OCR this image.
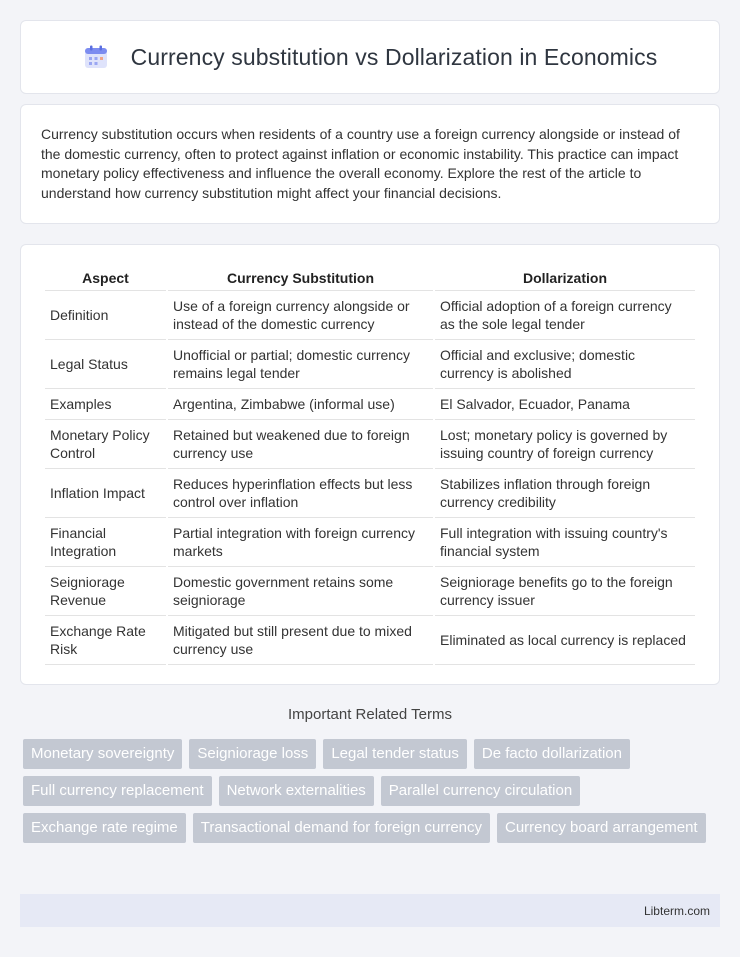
Currency substitution vs Dollarization in Economics

Currency substitution occurs when residents of a country use a foreign currency alongside or instead of the domestic currency, often to protect against inflation or economic instability. This practice can impact monetary policy effectiveness and influence the overall economy. Explore the rest of the article to understand how currency substitution might affect your financial decisions.

Aspect	Currency Substitution	Dollarization
Definition	Use of a foreign currency alongside or instead of the domestic currency	Official adoption of a foreign currency as the sole legal tender
Legal Status	Unofficial or partial; domestic currency remains legal tender	Official and exclusive; domestic currency is abolished
Examples	Argentina, Zimbabwe (informal use)	El Salvador, Ecuador, Panama
Monetary Policy Control	Retained but weakened due to foreign currency use	Lost; monetary policy is governed by issuing country of foreign currency
Inflation Impact	Reduces hyperinflation effects but less control over inflation	Stabilizes inflation through foreign currency credibility
Financial Integration	Partial integration with foreign currency markets	Full integration with issuing country's financial system
Seigniorage Revenue	Domestic government retains some seigniorage	Seigniorage benefits go to the foreign currency issuer
Exchange Rate Risk	Mitigated but still present due to mixed currency use	Eliminated as local currency is replaced
Important Related Terms
Monetary sovereignty	Seigniorage loss	Legal tender status	De facto dollarization
Full currency replacement	Network externalities	Parallel currency circulation
Exchange rate regime	Transactional demand for foreign currency	Currency board arrangement
Libterm.com
